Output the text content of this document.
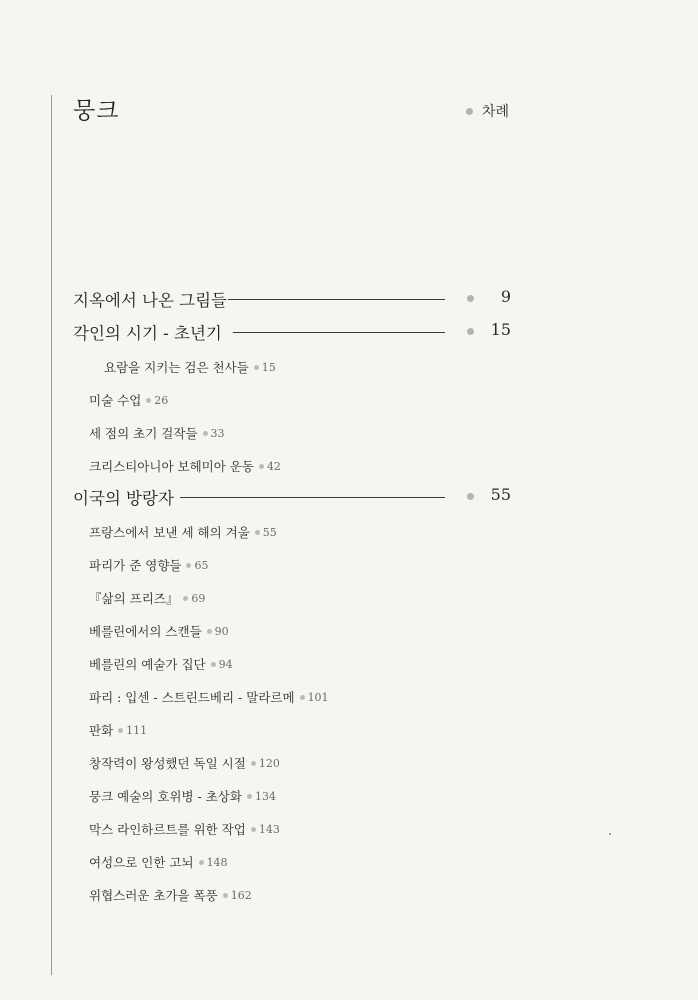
뭉크	차례
지옥에서 나온 그림들	9
각인의 시기 - 초년기	15
요람을 지키는 검은 천사들 15
미술 수업 26
세 점의 초기 걸작들 33
크리스티아니아 보헤미아 운동 42
이국의 방랑자	55
프랑스에서 보낸 세 해의 겨울 55
파리가 준 영향들 65
『삶의 프리즈』 69
베를린에서의 스캔들 90
베를린의 예술가 집단 94
파리 : 입센 - 스트린드베리 - 말라르메 101
판화 111
창작력이 왕성했던 독일 시절 120
뭉크 예술의 호위병 - 초상화 134
막스 라인하르트를 위한 작업 143
여성으로 인한 고뇌 148
위협스러운 초가을 폭풍 162
